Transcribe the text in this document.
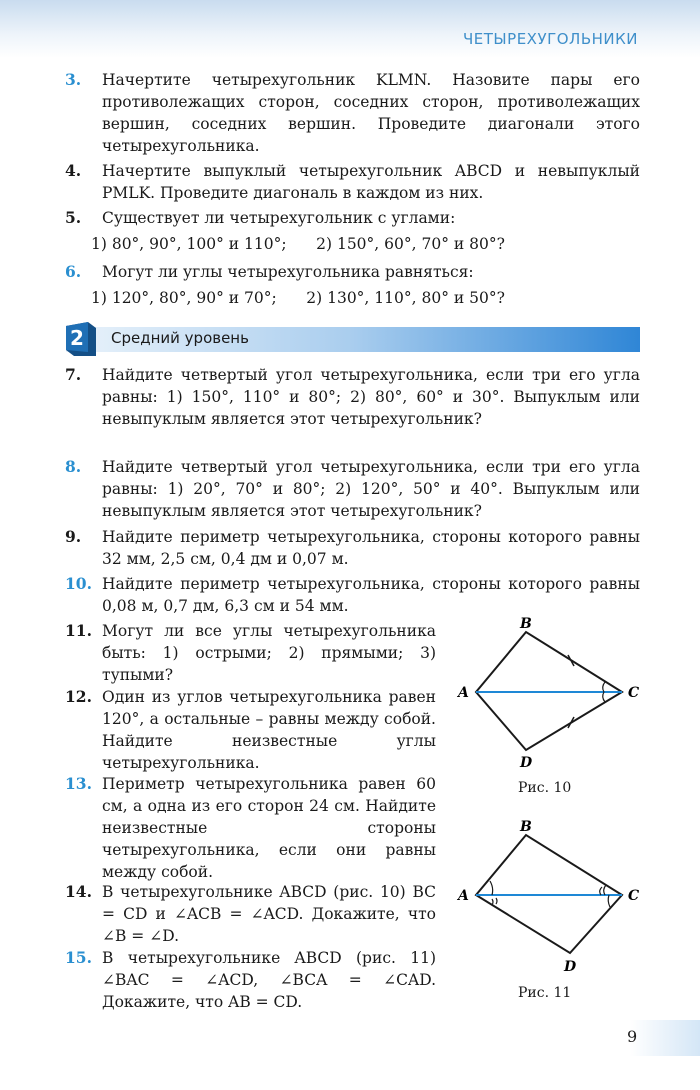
ЧЕТЫРЕХУГОЛЬНИКИ
3. Начертите четырехугольник KLMN. Назовите пары его противолежащих сторон, соседних сторон, противолежащих вершин, соседних вершин. Проведите диагонали этого четырехугольника.
4. Начертите выпуклый четырехугольник ABCD и невыпуклый PMLK. Проведите диагональ в каждом из них.
5. Существует ли четырехугольник с углами:
1) 80°, 90°, 100° и 110°;      2) 150°, 60°, 70° и 80°?
6. Могут ли углы четырехугольника равняться:
1) 120°, 80°, 90° и 70°;      2) 130°, 110°, 80° и 50°?
2 Средний уровень
7. Найдите четвертый угол четырехугольника, если три его угла равны: 1) 150°, 110° и 80°; 2) 80°, 60° и 30°. Выпуклым или невыпуклым является этот четырехугольник?
8. Найдите четвертый угол четырехугольника, если три его угла равны: 1) 20°, 70° и 80°; 2) 120°, 50° и 40°. Выпуклым или невыпуклым является этот четырехугольник?
9. Найдите периметр четырехугольника, стороны которого равны 32 мм, 2,5 см, 0,4 дм и 0,07 м.
10. Найдите периметр четырехугольника, стороны которого равны 0,08 м, 0,7 дм, 6,3 см и 54 мм.
11. Могут ли все углы четырехугольника быть: 1) острыми; 2) прямыми; 3) тупыми?
12. Один из углов четырехугольника равен 120°, а остальные – равны между собой. Найдите неизвестные углы четырехугольника.
13. Периметр четырехугольника равен 60 см, а одна из его сторон 24 см. Найдите неизвестные стороны четырехугольника, если они равны между собой.
14. В четырехугольнике ABCD (рис. 10) BC = CD и ∠ACB = ∠ACD. Докажите, что ∠B = ∠D.
15. В четырехугольнике ABCD (рис. 11) ∠BAC = ∠ACD, ∠BCA = ∠CAD. Докажите, что AB = CD.
B
A	C
D
Рис. 10
B
A	C
D
Рис. 11
9
